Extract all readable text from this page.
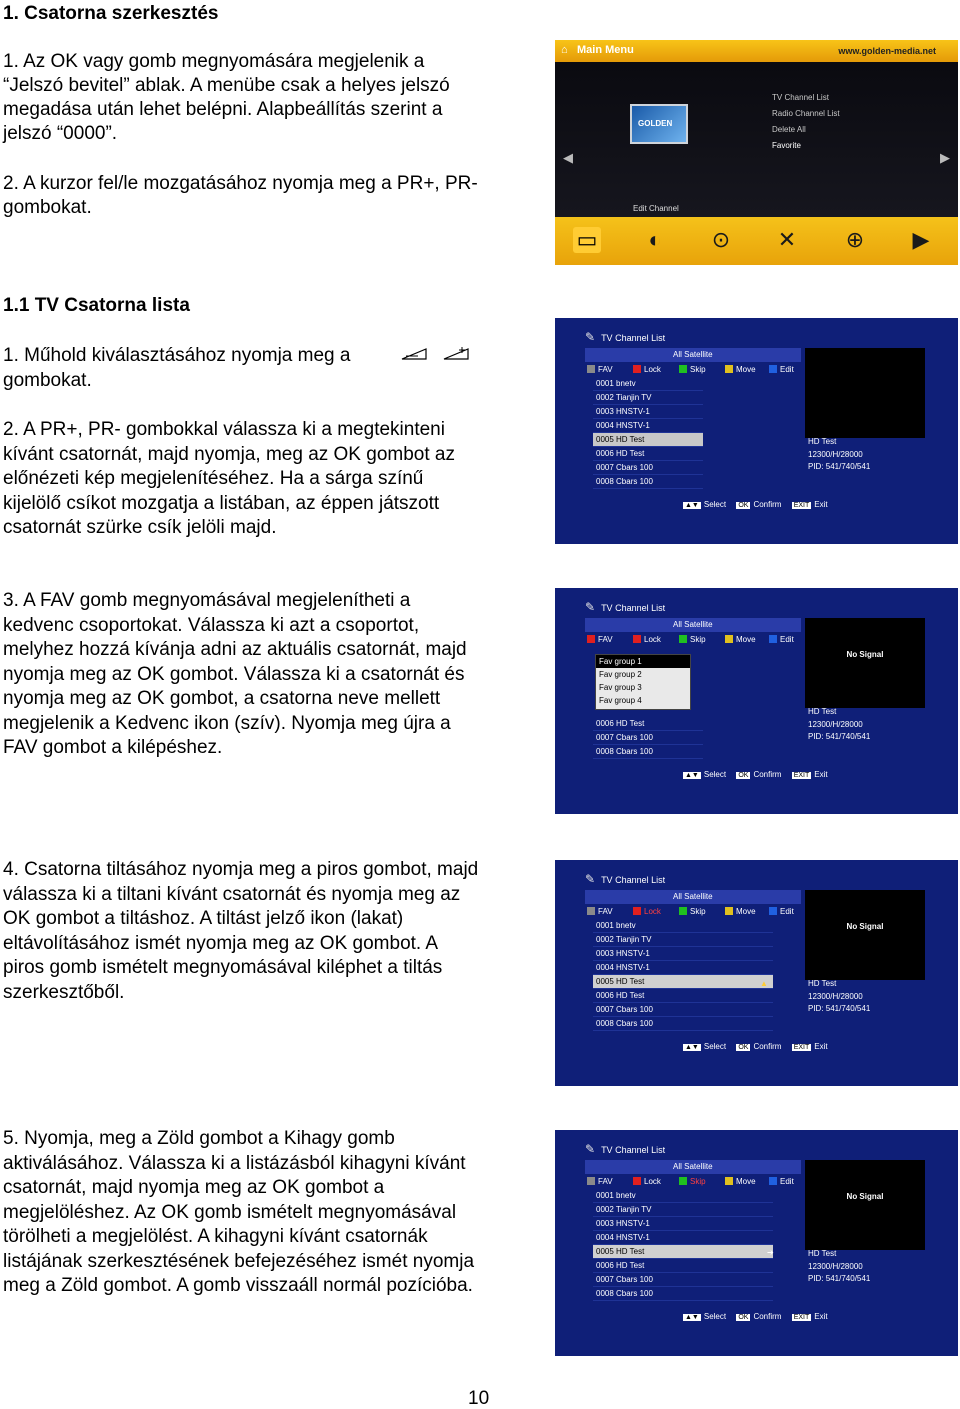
1. Csatorna szerkesztés
1. Az OK vagy gomb megnyomására megjelenik a
“Jelszó bevitel” ablak. A menübe csak a helyes jelszó
megadása után lehet belépni. Alapbeállítás szerint a
jelszó “0000”.
2. A kurzor fel/le mozgatásához nyomja meg a PR+, PR-
gombokat.
1.1 TV Csatorna lista
1. Műhold kiválasztásához nyomja meg a
gombokat.
2. A PR+, PR- gombokkal válassza ki a megtekinteni
kívánt csatornát, majd nyomja, meg az OK gombot az
előnézeti kép megjelenítéséhez. Ha a sárga színű
kijelölő csíkot mozgatja a listában, az éppen játszott
csatornát szürke csík jelöli majd.
3. A FAV gomb megnyomásával megjelenítheti a
kedvenc csoportokat. Válassza ki azt a csoportot,
melyhez hozzá kívánja adni az aktuális csatornát, majd
nyomja meg az OK gombot. Válassza ki a csatornát és
nyomja meg az OK gombot, a csatorna neve mellett
megjelenik a Kedvenc ikon (szív). Nyomja meg újra a
FAV gombot a kilépéshez.
4. Csatorna tiltásához nyomja meg a piros gombot, majd
válassza ki a tiltani kívánt csatornát és nyomja meg az
OK gombot a tiltáshoz. A tiltást jelző ikon (lakat)
eltávolításához ismét nyomja meg az OK gombot. A
piros gomb ismételt megnyomásával kiléphet a tiltás
szerkesztőből.
5. Nyomja, meg a Zöld gombot a Kihagy gomb
aktiválásához. Válassza ki a listázásból kihagyni kívánt
csatornát, majd nyomja meg az OK gombot a
megjelöléshez. Az OK gomb ismételt megnyomásával
törölheti a megjelölést. A kihagyni kívánt csatornák
listájának szerkesztésének befejezéséhez ismét nyomja
meg a Zöld gombot. A gomb visszaáll normál pozícióba.
10
⌂ Main Menu	www.golden-media.net
◀	▶
GOLDEN
TV Channel List
Radio Channel List
Delete All
Favorite
Edit Channel
▭	◐	⊙ ✕ ⊕ ▶
✎ TV Channel List
All Satellite
FAV	Lock	Skip	Move	Edit
0001 bnetv
0002 Tianjin TV
0003 HNSTV-1
0004 HNSTV-1
0005 HD Test
0006 HD Test
0007 Cbars 100
0008 Cbars 100
HD Test
12300/H/28000
PID: 541/740/541
▲▼ Select OK Confirm EXIT Exit
✎ TV Channel List
All Satellite
FAV	Lock	Skip	Move	Edit
Fav group 1
Fav group 2
Fav group 3
Fav group 4
0006 HD Test
0007 Cbars 100
0008 Cbars 100
No Signal
HD Test
12300/H/28000
PID: 541/740/541
▲▼ Select OK Confirm EXIT Exit
✎ TV Channel List
All Satellite
FAV	Lock	Skip	Move	Edit
0001 bnetv
0002 Tianjin TV
0003 HNSTV-1
0004 HNSTV-1
0005 HD Test
0006 HD Test
0007 Cbars 100
0008 Cbars 100
▲
No Signal
HD Test
12300/H/28000
PID: 541/740/541
▲▼ Select OK Confirm EXIT Exit
✎ TV Channel List
All Satellite
FAV	Lock	Skip	Move	Edit
0001 bnetv
0002 Tianjin TV
0003 HNSTV-1
0004 HNSTV-1
0005 HD Test
0006 HD Test
0007 Cbars 100
0008 Cbars 100
➔
No Signal
HD Test
12300/H/28000
PID: 541/740/541
▲▼ Select OK Confirm EXIT Exit
